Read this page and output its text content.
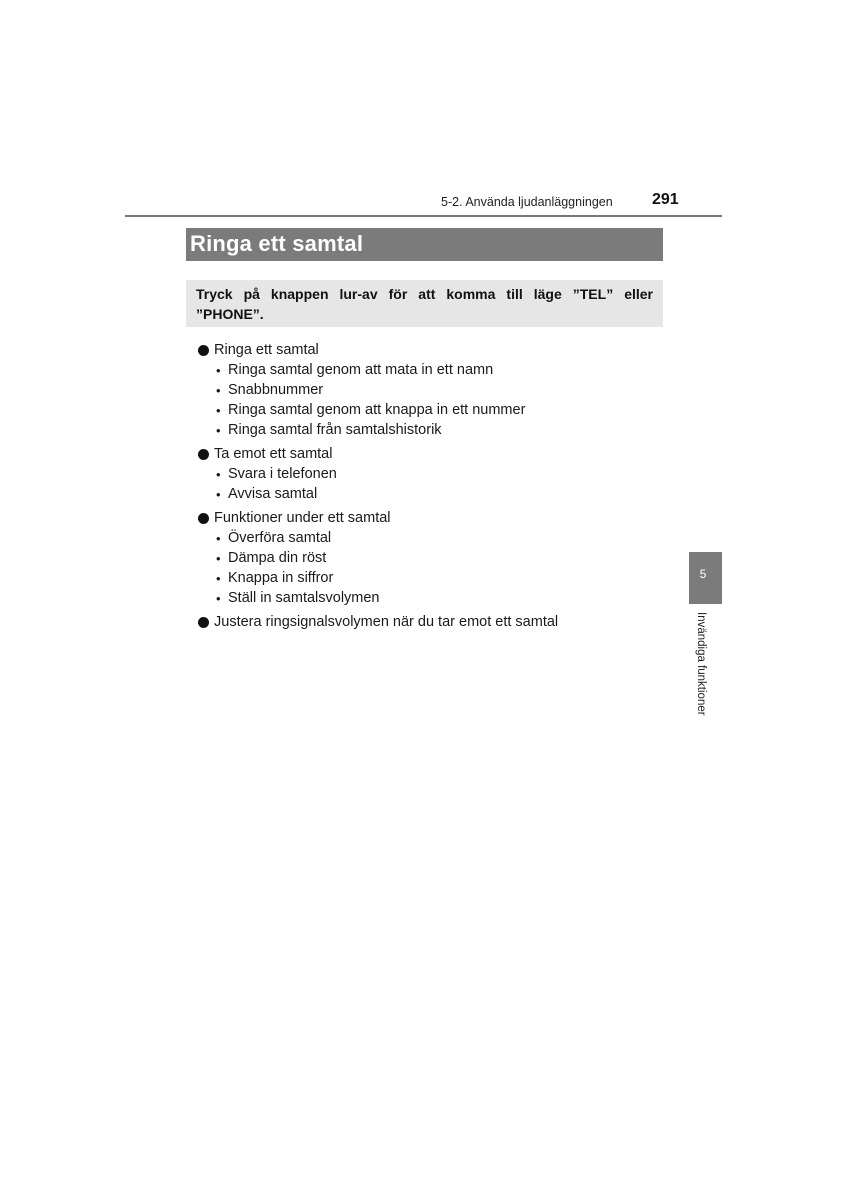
5-2. Använda ljudanläggningen 291
Ringa ett samtal

Tryck på knappen lur-av för att komma till läge ”TEL” eller ”PHONE”.

Ringa ett samtal
• Ringa samtal genom att mata in ett namn
• Snabbnummer
• Ringa samtal genom att knappa in ett nummer
• Ringa samtal från samtalshistorik
Ta emot ett samtal
• Svara i telefonen
• Avvisa samtal
Funktioner under ett samtal
• Överföra samtal
• Dämpa din röst
• Knappa in siffror
• Ställ in samtalsvolymen
Justera ringsignalsvolymen när du tar emot ett samtal
5
Invändiga funktioner
